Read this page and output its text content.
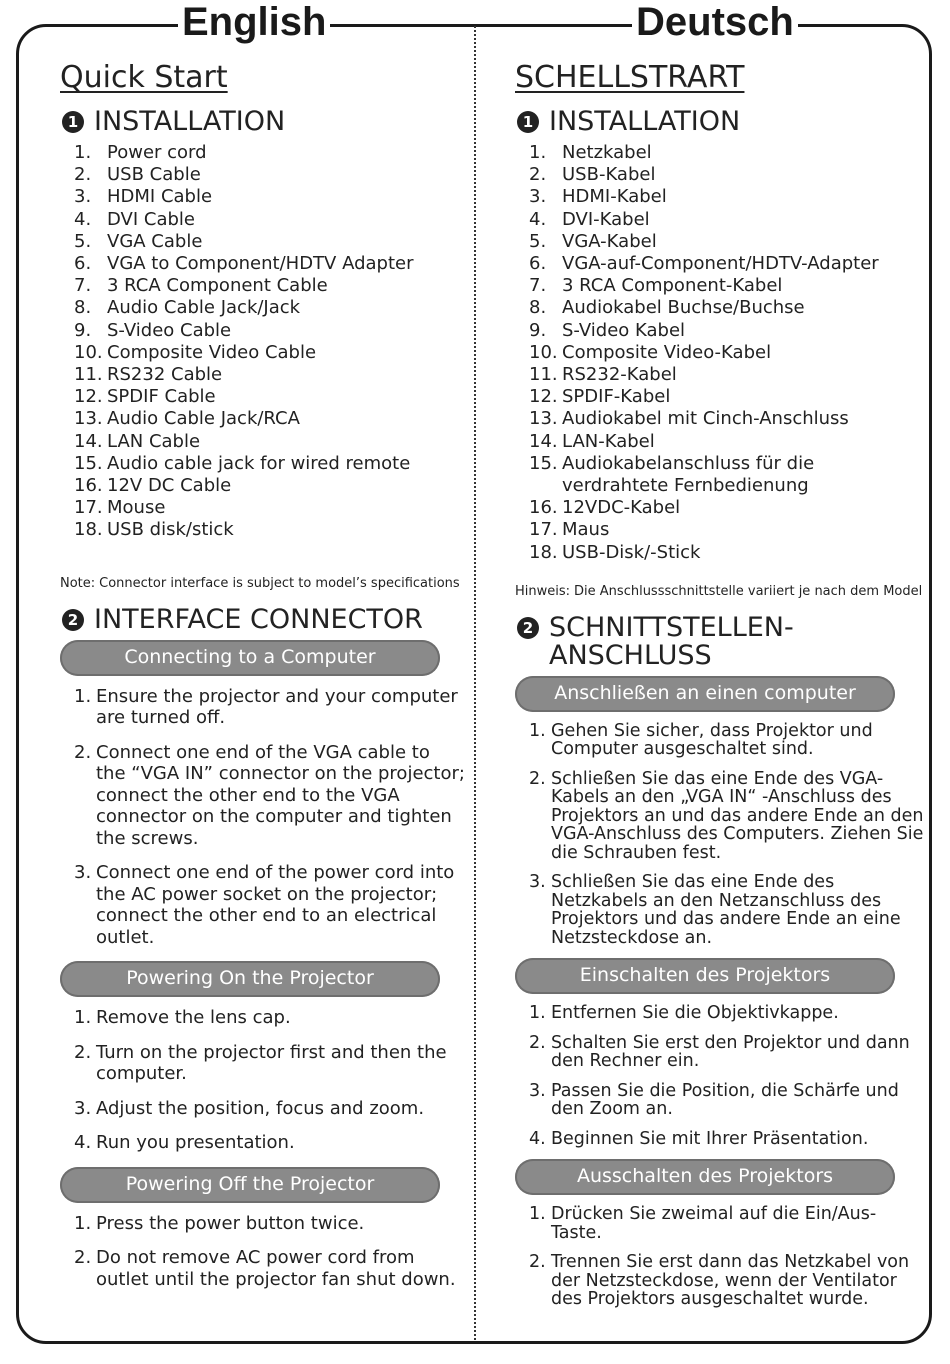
English	Deutsch
Quick Start
1 INSTALLATION
1. Power cord
2. USB Cable
3. HDMI Cable
4. DVI Cable
5. VGA Cable
6. VGA to Component/HDTV Adapter
7. 3 RCA Component Cable
8. Audio Cable Jack/Jack
9. S-Video Cable
10. Composite Video Cable
11. RS232 Cable
12. SPDIF Cable
13. Audio Cable Jack/RCA
14. LAN Cable
15. Audio cable jack for wired remote
16. 12V DC Cable
17. Mouse
18. USB disk/stick
Note: Connector interface is subject to model’s specifications
2 INTERFACE CONNECTOR
Connecting to a Computer
1. Ensure the projector and your computer are turned off.
2. Connect one end of the VGA cable to the “VGA IN” connector on the projector; connect the other end to the VGA connector on the computer and tighten the screws.
3. Connect one end of the power cord into the AC power socket on the projector; connect the other end to an electrical outlet.
Powering On the Projector
1. Remove the lens cap.
2. Turn on the projector first and then the computer.
3. Adjust the position, focus and zoom.
4. Run you presentation.
Powering Off the Projector
1. Press the power button twice.
2. Do not remove AC power cord from outlet until the projector fan shut down.
SCHELLSTRART
1 INSTALLATION
1. Netzkabel
2. USB-Kabel
3. HDMI-Kabel
4. DVI-Kabel
5. VGA-Kabel
6. VGA-auf-Component/HDTV-Adapter
7. 3 RCA Component-Kabel
8. Audiokabel Buchse/Buchse
9. S-Video Kabel
10. Composite Video-Kabel
11. RS232-Kabel
12. SPDIF-Kabel
13. Audiokabel mit Cinch-Anschluss
14. LAN-Kabel
15. Audiokabelanschluss für die verdrahtete Fernbedienung
16. 12VDC-Kabel
17. Maus
18. USB-Disk/-Stick
Hinweis: Die Anschlussschnittstelle variiert je nach dem Model
2 SCHNITTSTELLEN-ANSCHLUSS
Anschließen an einen computer
1. Gehen Sie sicher, dass Projektor und Computer ausgeschaltet sind.
2. Schließen Sie das eine Ende des VGA-Kabels an den „VGA IN“ -Anschluss des Projektors an und das andere Ende an den VGA-Anschluss des Computers. Ziehen Sie die Schrauben fest.
3. Schließen Sie das eine Ende des Netzkabels an den Netzanschluss des Projektors und das andere Ende an eine Netzsteckdose an.
Einschalten des Projektors
1. Entfernen Sie die Objektivkappe.
2. Schalten Sie erst den Projektor und dann den Rechner ein.
3. Passen Sie die Position, die Schärfe und den Zoom an.
4. Beginnen Sie mit Ihrer Präsentation.
Ausschalten des Projektors
1. Drücken Sie zweimal auf die Ein/Aus-Taste.
2. Trennen Sie erst dann das Netzkabel von der Netzsteckdose, wenn der Ventilator des Projektors ausgeschaltet wurde.
